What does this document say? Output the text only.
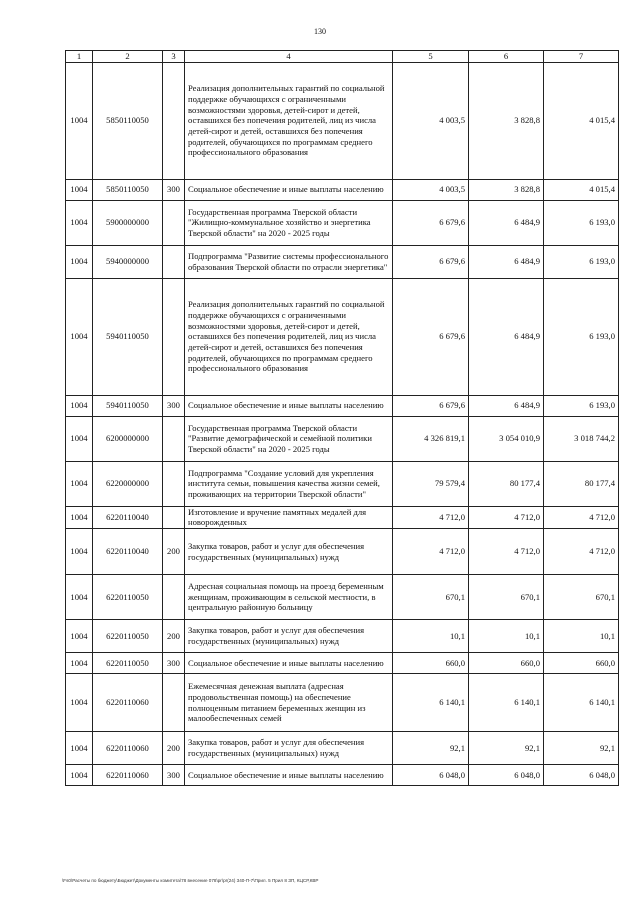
130
1	2	3	4	5	6	7
1004	5850110050		Реализация дополнительных гарантий по социальной поддержке обучающихся с ограниченными возможностями здоровья, детей-сирот и детей, оставшихся без попечения родителей, лиц из числа детей-сирот и детей, оставшихся без попечения родителей, обучающихся по программам среднего профессионального образования	4 003,5	3 828,8	4 015,4
1004	5850110050	300	Социальное обеспечение и иные выплаты населению	4 003,5	3 828,8	4 015,4
1004	5900000000		Государственная программа Тверской области "Жилищно-коммунальное хозяйство и энергетика Тверской области" на 2020 - 2025 годы	6 679,6	6 484,9	6 193,0
1004	5940000000		Подпрограмма "Развитие системы профессионального образования Тверской области по отрасли энергетика"	6 679,6	6 484,9	6 193,0
1004	5940110050		Реализация дополнительных гарантий по социальной поддержке обучающихся с ограниченными возможностями здоровья, детей-сирот и детей, оставшихся без попечения родителей, лиц из числа детей-сирот и детей, оставшихся без попечения родителей, обучающихся по программам среднего профессионального образования	6 679,6	6 484,9	6 193,0
1004	5940110050	300	Социальное обеспечение и иные выплаты населению	6 679,6	6 484,9	6 193,0
1004	6200000000		Государственная программа Тверской области "Развитие демографической и семейной политики Тверской области" на 2020 - 2025 годы	4 326 819,1	3 054 010,9	3 018 744,2
1004	6220000000		Подпрограмма "Создание условий для укрепления института семьи, повышения качества жизни семей, проживающих на территории Тверской области"	79 579,4	80 177,4	80 177,4
1004	6220110040		Изготовление и вручение памятных медалей для новорожденных	4 712,0	4 712,0	4 712,0
1004	6220110040	200	Закупка товаров, работ и услуг для обеспечения государственных (муниципальных) нужд	4 712,0	4 712,0	4 712,0
1004	6220110050		Адресная социальная помощь на проезд беременным женщинам, проживающим в сельской местности, в центральную районную больницу	670,1	670,1	670,1
1004	6220110050	200	Закупка товаров, работ и услуг для обеспечения государственных (муниципальных) нужд	10,1	10,1	10,1
1004	6220110050	300	Социальное обеспечение и иные выплаты населению	660,0	660,0	660,0
1004	6220110060		Ежемесячная денежная выплата (адресная продовольственная помощь) на обеспечение полноценным питанием беременных женщин из малообеспеченных семей	6 140,1	6 140,1	6 140,1
1004	6220110060	200	Закупка товаров, работ и услуг для обеспечения государственных (муниципальных) нужд	92,1	92,1	92,1
1004	6220110060	300	Социальное обеспечение и иные выплаты населению	6 048,0	6 048,0	6 048,0
\Fs0\Расчеты по бюджету\Бюджет\Документы комитета\78 внесение 078\pr\pr(24) 340-П-7\Прил. 5 Прил 8 ЗП, КЦСР,КВР
